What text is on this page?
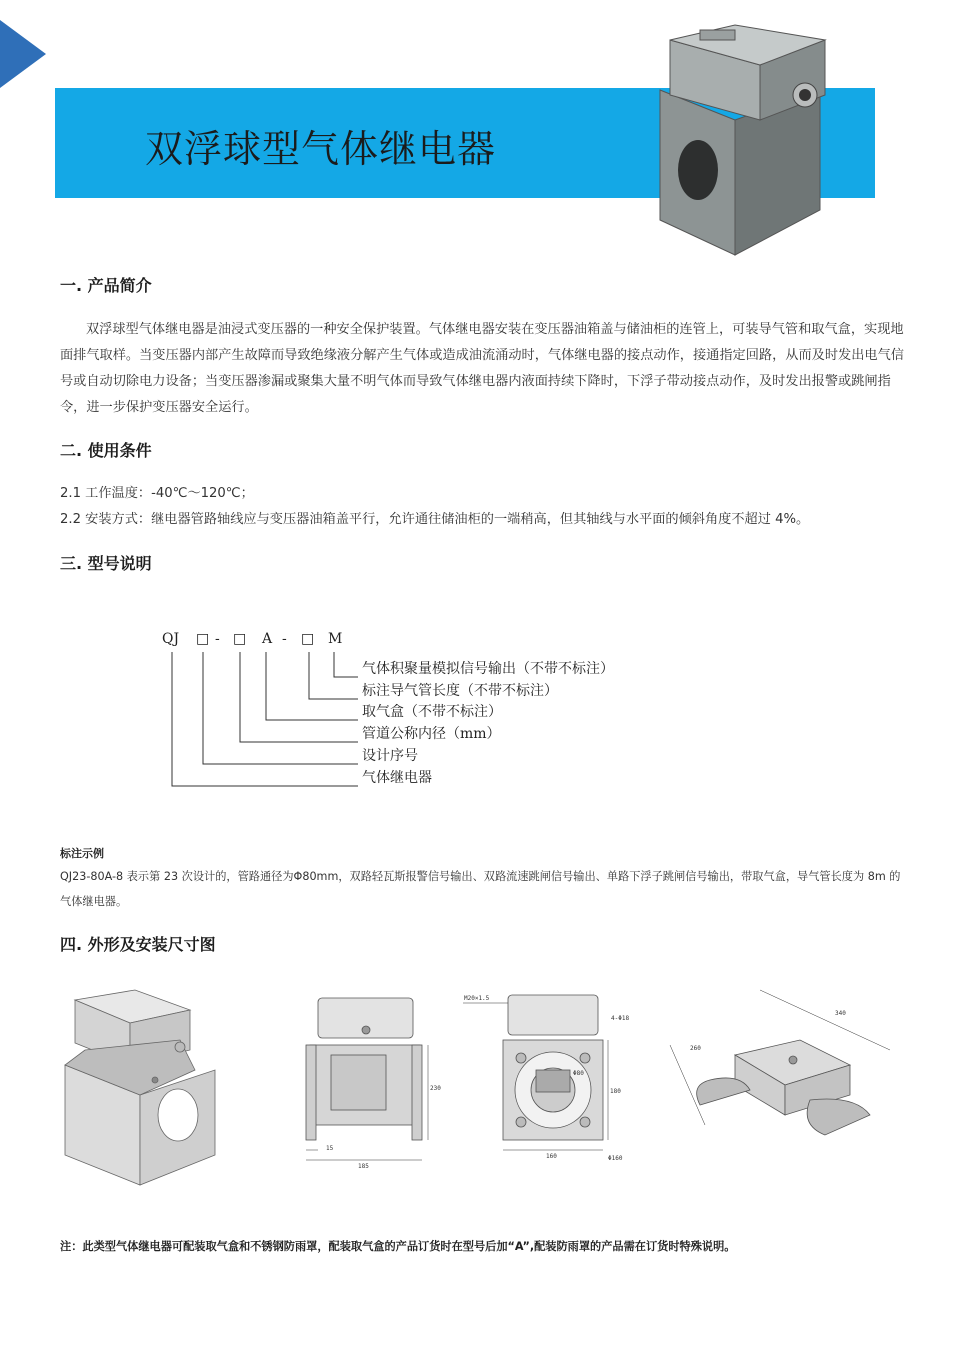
双浮球型气体继电器
一. 产品简介
双浮球型气体继电器是油浸式变压器的一种安全保护装置。气体继电器安装在变压器油箱盖与储油柜的连管上，可装导气管和取气盒，实现地面排气取样。当变压器内部产生故障而导致绝缘液分解产生气体或造成油流涌动时，气体继电器的接点动作，接通指定回路，从而及时发出电气信号或自动切除电力设备；当变压器渗漏或聚集大量不明气体而导致气体继电器内液面持续下降时，下浮子带动接点动作，及时发出报警或跳闸指令，进一步保护变压器安全运行。
二. 使用条件
2.1 工作温度：-40℃～120℃；
2.2 安装方式：继电器管路轴线应与变压器油箱盖平行，允许通往储油柜的一端稍高，但其轴线与水平面的倾斜角度不超过 4%。
三. 型号说明
QJ □ - □ A - □ M
气体积聚量模拟信号输出（不带不标注）
标注导气管长度（不带不标注）
取气盒（不带不标注）
管道公称内径（mm）
设计序号
气体继电器
标注示例
QJ23-80A-8 表示第 23 次设计的，管路通径为Φ80mm，双路轻瓦斯报警信号输出、双路流速跳闸信号输出、单路下浮子跳闸信号输出，带取气盒，导气管长度为 8m 的气体继电器。
四. 外形及安装尺寸图
230
185
15
M20×1.5
4-Φ18
Φ80
180
160	Φ160
340
260
注：此类型气体继电器可配装取气盒和不锈钢防雨罩，配装取气盒的产品订货时在型号后加“A”,配装防雨罩的产品需在订货时特殊说明。
